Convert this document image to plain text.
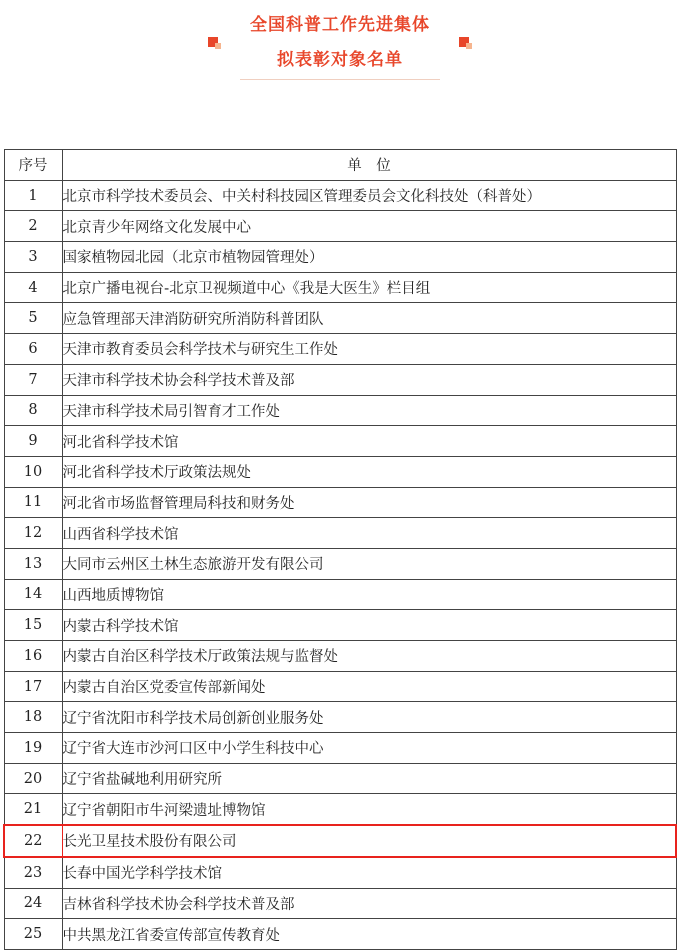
全国科普工作先进集体
拟表彰对象名单
序号	单　位
1	北京市科学技术委员会、中关村科技园区管理委员会文化科技处（科普处）
2	北京青少年网络文化发展中心
3	国家植物园北园（北京市植物园管理处）
4	北京广播电视台-北京卫视频道中心《我是大医生》栏目组
5	应急管理部天津消防研究所消防科普团队
6	天津市教育委员会科学技术与研究生工作处
7	天津市科学技术协会科学技术普及部
8	天津市科学技术局引智育才工作处
9	河北省科学技术馆
10	河北省科学技术厅政策法规处
11	河北省市场监督管理局科技和财务处
12	山西省科学技术馆
13	大同市云州区土林生态旅游开发有限公司
14	山西地质博物馆
15	内蒙古科学技术馆
16	内蒙古自治区科学技术厅政策法规与监督处
17	内蒙古自治区党委宣传部新闻处
18	辽宁省沈阳市科学技术局创新创业服务处
19	辽宁省大连市沙河口区中小学生科技中心
20	辽宁省盐碱地利用研究所
21	辽宁省朝阳市牛河梁遗址博物馆
22	长光卫星技术股份有限公司
23	长春中国光学科学技术馆
24	吉林省科学技术协会科学技术普及部
25	中共黑龙江省委宣传部宣传教育处
